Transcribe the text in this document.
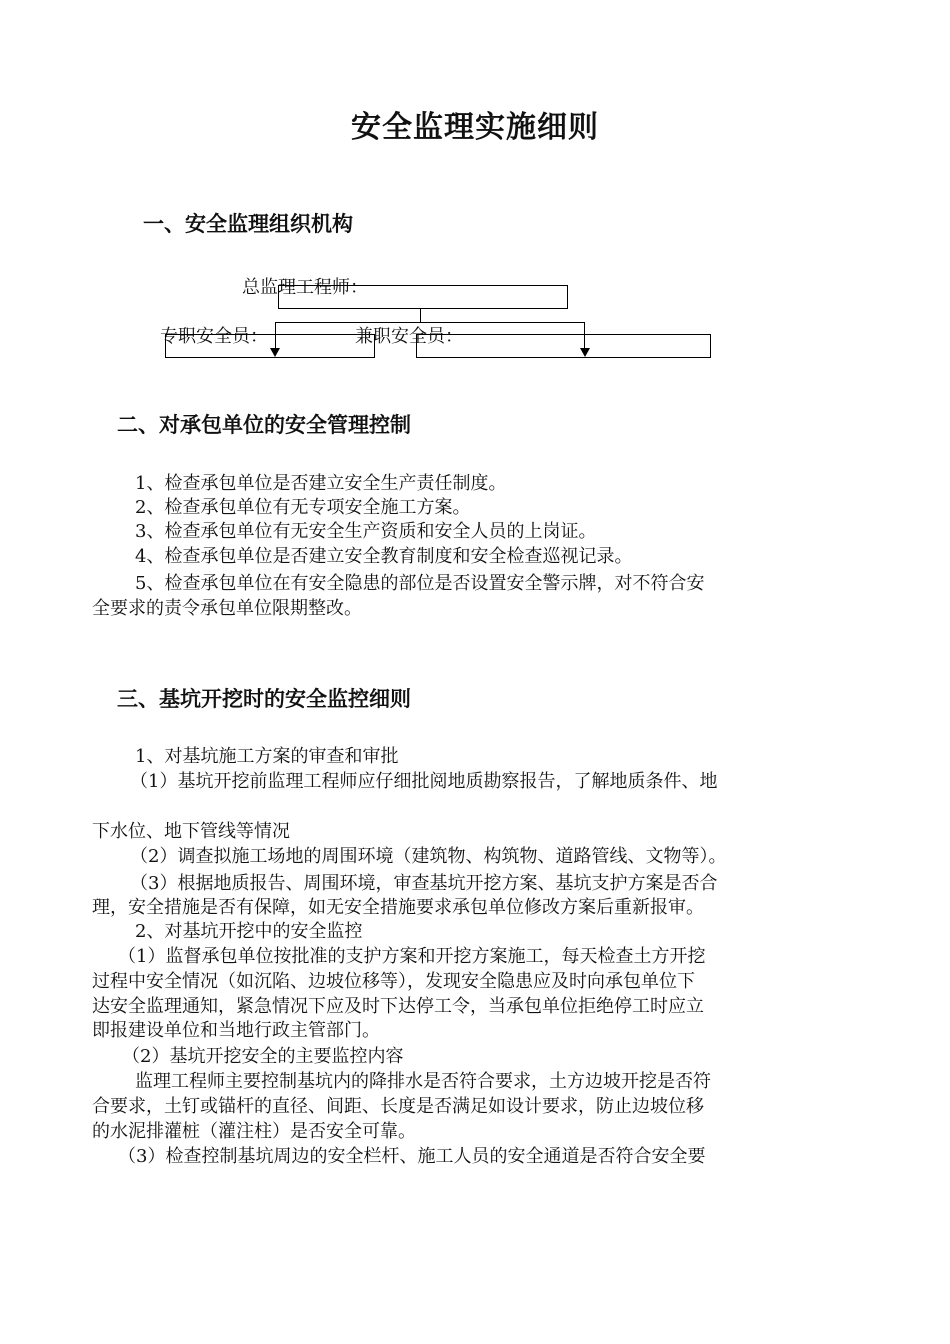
安全监理实施细则
一、安全监理组织机构
总监理工程师：
专职安全员：	兼职安全员：
二、对承包单位的安全管理控制
1、检查承包单位是否建立安全生产责任制度。
2、检查承包单位有无专项安全施工方案。
3、检查承包单位有无安全生产资质和安全人员的上岗证。
4、检查承包单位是否建立安全教育制度和安全检查巡视记录。
5、检查承包单位在有安全隐患的部位是否设置安全警示牌，对不符合安
全要求的责令承包单位限期整改。
三、基坑开挖时的安全监控细则
1、对基坑施工方案的审查和审批
（1）基坑开挖前监理工程师应仔细批阅地质勘察报告，了解地质条件、地
下水位、地下管线等情况
（2）调查拟施工场地的周围环境（建筑物、构筑物、道路管线、文物等）。
（3）根据地质报告、周围环境，审查基坑开挖方案、基坑支护方案是否合
理，安全措施是否有保障，如无安全措施要求承包单位修改方案后重新报审。
2、对基坑开挖中的安全监控
（1）监督承包单位按批准的支护方案和开挖方案施工，每天检查土方开挖
过程中安全情况（如沉陷、边坡位移等），发现安全隐患应及时向承包单位下
达安全监理通知，紧急情况下应及时下达停工令，当承包单位拒绝停工时应立
即报建设单位和当地行政主管部门。
（2）基坑开挖安全的主要监控内容
监理工程师主要控制基坑内的降排水是否符合要求，土方边坡开挖是否符
合要求，土钉或锚杆的直径、间距、长度是否满足如设计要求，防止边坡位移
的水泥排灌桩（灌注柱）是否安全可靠。
（3）检查控制基坑周边的安全栏杆、施工人员的安全通道是否符合安全要
